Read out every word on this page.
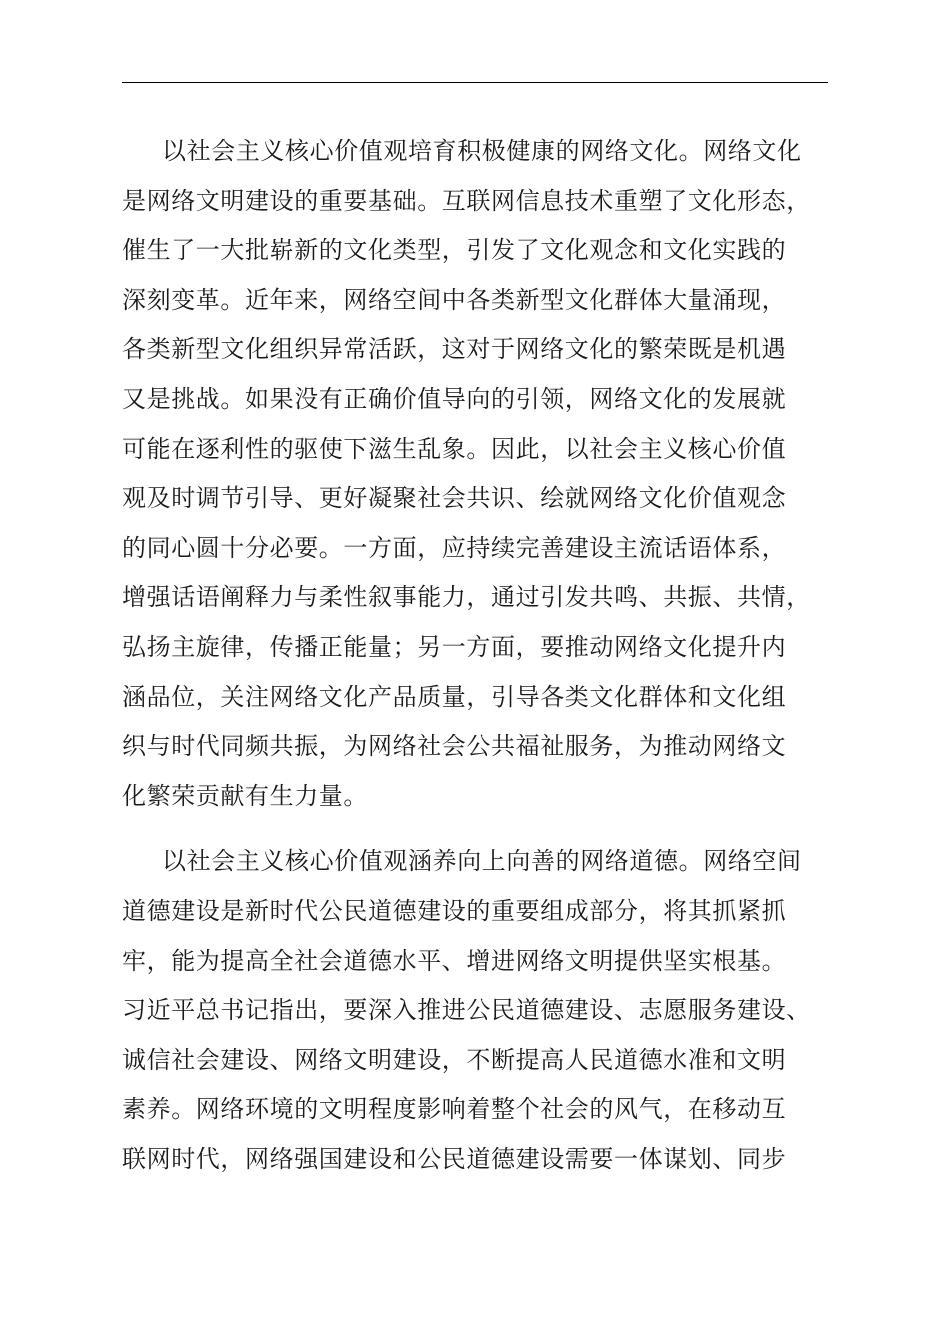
以社会主义核心价值观培育积极健康的网络文化。网络文化
是网络文明建设的重要基础。互联网信息技术重塑了文化形态，
催生了一大批崭新的文化类型，引发了文化观念和文化实践的
深刻变革。近年来，网络空间中各类新型文化群体大量涌现，
各类新型文化组织异常活跃，这对于网络文化的繁荣既是机遇
又是挑战。如果没有正确价值导向的引领，网络文化的发展就
可能在逐利性的驱使下滋生乱象。因此，以社会主义核心价值
观及时调节引导、更好凝聚社会共识、绘就网络文化价值观念
的同心圆十分必要。一方面，应持续完善建设主流话语体系，
增强话语阐释力与柔性叙事能力，通过引发共鸣、共振、共情，
弘扬主旋律，传播正能量；另一方面，要推动网络文化提升内
涵品位，关注网络文化产品质量，引导各类文化群体和文化组
织与时代同频共振，为网络社会公共福祉服务，为推动网络文
化繁荣贡献有生力量。
以社会主义核心价值观涵养向上向善的网络道德。网络空间
道德建设是新时代公民道德建设的重要组成部分，将其抓紧抓
牢，能为提高全社会道德水平、增进网络文明提供坚实根基。
习近平总书记指出，要深入推进公民道德建设、志愿服务建设、
诚信社会建设、网络文明建设，不断提高人民道德水准和文明
素养。网络环境的文明程度影响着整个社会的风气，在移动互
联网时代，网络强国建设和公民道德建设需要一体谋划、同步
